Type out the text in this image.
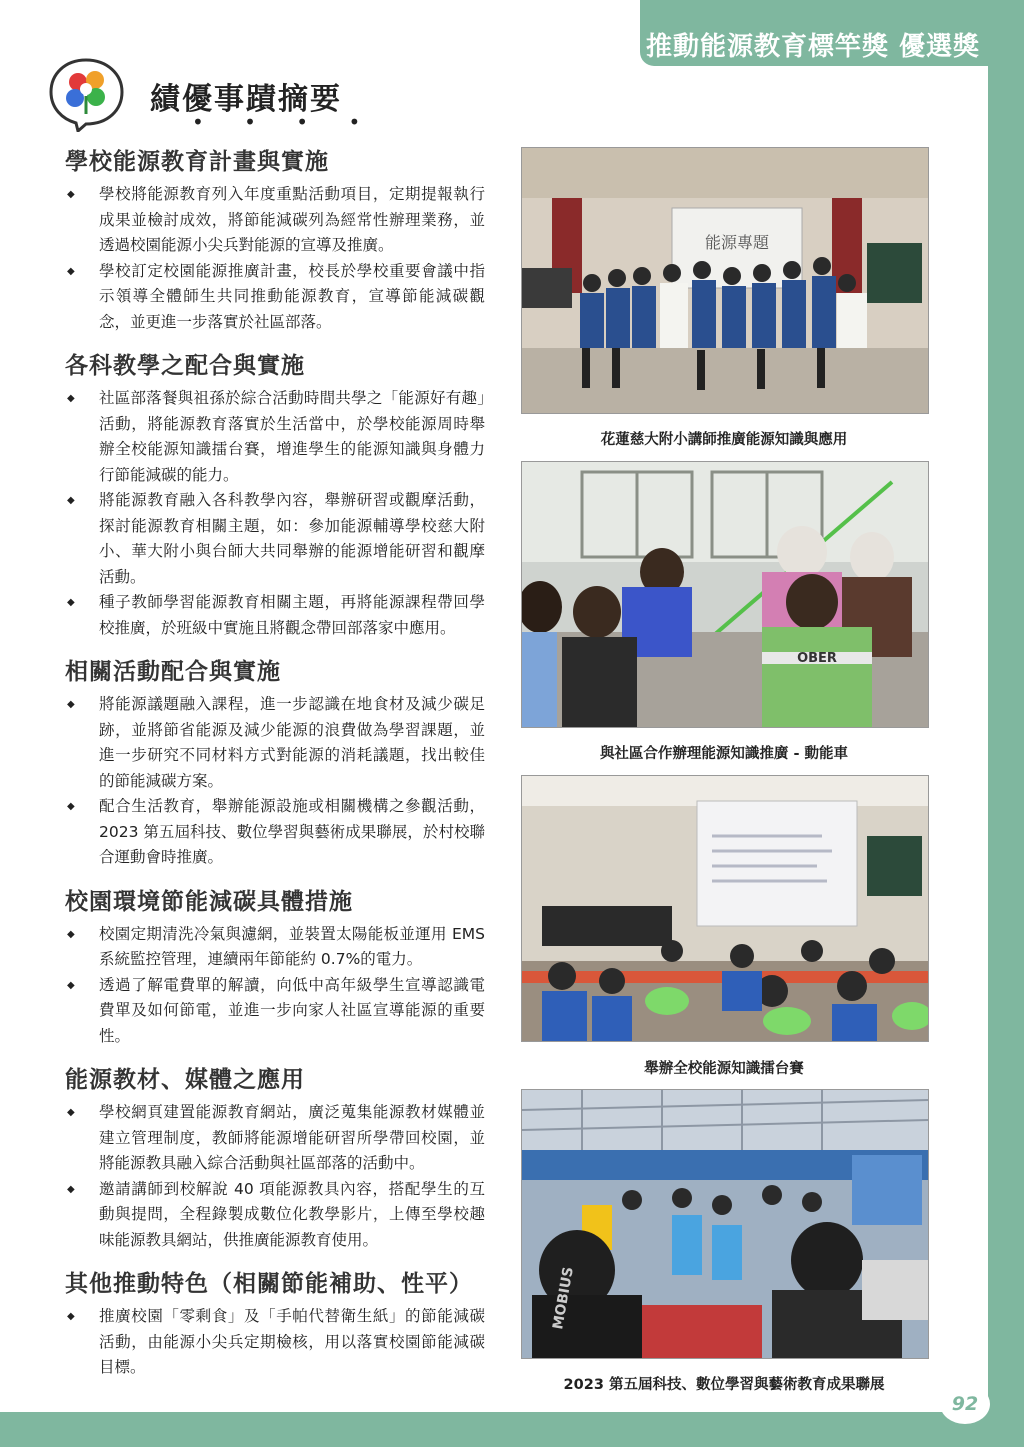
推動能源教育標竿獎 優選獎
績優事蹟摘要
• • • •
學校能源教育計畫與實施
◆	學校將能源教育列入年度重點活動項目，定期提報執行成果並檢討成效，將節能減碳列為經常性辦理業務，並透過校園能源小尖兵對能源的宣導及推廣。
◆	學校訂定校園能源推廣計畫，校長於學校重要會議中指示領導全體師生共同推動能源教育，宣導節能減碳觀念，並更進一步落實於社區部落。
各科教學之配合與實施
◆	社區部落餐與祖孫於綜合活動時間共學之「能源好有趣」活動，將能源教育落實於生活當中，於學校能源周時舉辦全校能源知識擂台賽，增進學生的能源知識與身體力行節能減碳的能力。
◆	將能源教育融入各科教學內容，舉辦研習或觀摩活動，探討能源教育相關主題，如：參加能源輔導學校慈大附小、華大附小與台師大共同舉辦的能源增能研習和觀摩活動。
◆	種子教師學習能源教育相關主題，再將能源課程帶回學校推廣，於班級中實施且將觀念帶回部落家中應用。
相關活動配合與實施
◆	將能源議題融入課程，進一步認識在地食材及減少碳足跡，並將節省能源及減少能源的浪費做為學習課題，並進一步研究不同材料方式對能源的消耗議題，找出較佳的節能減碳方案。
◆	配合生活教育，舉辦能源設施或相關機構之參觀活動，2023 第五屆科技、數位學習與藝術成果聯展，於村校聯合運動會時推廣。
校園環境節能減碳具體措施
◆	校園定期清洗冷氣與濾網，並裝置太陽能板並運用 EMS 系統監控管理，連續兩年節能約 0.7%的電力。
◆	透過了解電費單的解讀，向低中高年級學生宣導認識電費單及如何節電，並進一步向家人社區宣導能源的重要性。
能源教材、媒體之應用
◆	學校網頁建置能源教育網站，廣泛蒐集能源教材媒體並建立管理制度，教師將能源增能研習所學帶回校園，並將能源教具融入綜合活動與社區部落的活動中。
◆	邀請講師到校解說 40 項能源教具內容，搭配學生的互動與提問，全程錄製成數位化教學影片，上傳至學校趣味能源教具網站，供推廣能源教育使用。
其他推動特色（相關節能補助、性平）
◆	推廣校園「零剩食」及「手帕代替衛生紙」的節能減碳活動，由能源小尖兵定期檢核，用以落實校園節能減碳目標。
能源專題
花蓮慈大附小講師推廣能源知識與應用
OBER
與社區合作辦理能源知識推廣 - 動能車
舉辦全校能源知識擂台賽
MOBIUS
2023 第五屆科技、數位學習與藝術教育成果聯展
92
